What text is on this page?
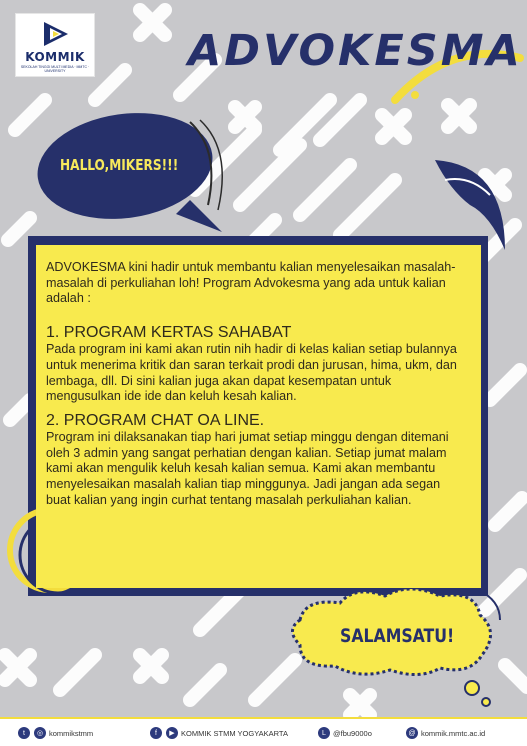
KOMMIK
SEKOLAH TINGGI MULTI MEDIA · MMTC · UNIVERSITY	ADVOKESMA
HALLO,MIKERS!!!

ADVOKESMA kini hadir untuk membantu kalian menyelesaikan masalah-masalah di perkuliahan loh! Program Advokesma yang ada untuk kalian adalah :

1. PROGRAM KERTAS SAHABAT

Pada program ini kami akan rutin nih hadir di kelas kalian setiap bulannya untuk menerima kritik dan saran terkait prodi dan jurusan, hima, ukm, dan lembaga, dll. Di sini kalian juga akan dapat kesempatan untuk mengusulkan ide ide dan keluh kesah kalian.

2. PROGRAM CHAT OA LINE.

Program ini dilaksanakan tiap hari jumat setiap minggu dengan ditemani oleh 3 admin yang sangat perhatian dengan kalian. Setiap jumat malam kami akan mengulik keluh kesah kalian semua. Kami akan membantu menyelesaikan masalah kalian tiap minggunya. Jadi jangan ada segan buat kalian yang ingin curhat tentang masalah perkuliahan kalian.

SALAMSATU!
t	◎ kommikstmm	f	▶ KOMMIK STMM YOGYAKARTA	L @fbu9000o	@ kommik.mmtc.ac.id
